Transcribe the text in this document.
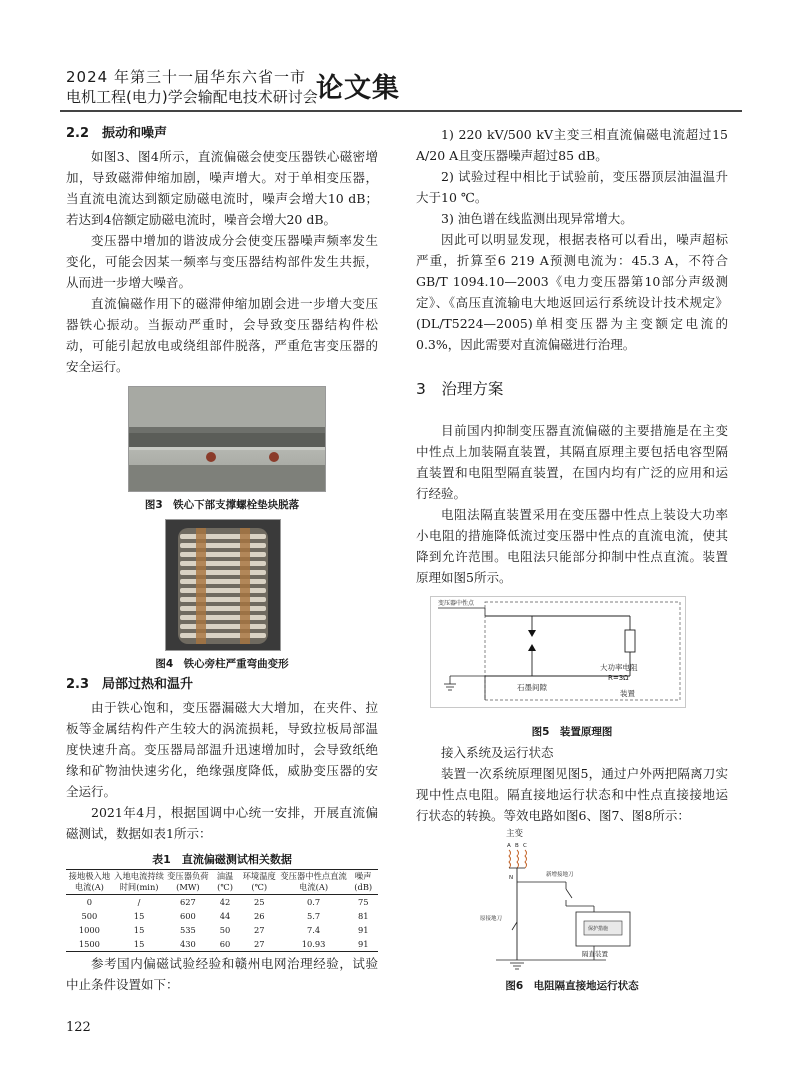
2024 年第三十一届华东六省一市
电机工程(电力)学会输配电技术研讨会
论文集
2.2　振动和噪声

如图3、图4所示，直流偏磁会使变压器铁心磁密增加，导致磁滞伸缩加剧，噪声增大。对于单相变压器，当直流电流达到额定励磁电流时，噪声会增大10 dB；若达到4倍额定励磁电流时，噪音会增大20 dB。

变压器中增加的谐波成分会使变压器噪声频率发生变化，可能会因某一频率与变压器结构部件发生共振，从而进一步增大噪音。

直流偏磁作用下的磁滞伸缩加剧会进一步增大变压器铁心振动。当振动严重时，会导致变压器结构件松动，可能引起放电或绕组部件脱落，严重危害变压器的安全运行。

图3　铁心下部支撑螺栓垫块脱落
图4　铁心旁柱严重弯曲变形
2.3　局部过热和温升

由于铁心饱和，变压器漏磁大大增加，在夹件、拉板等金属结构件产生较大的涡流损耗，导致拉板局部温度快速升高。变压器局部温升迅速增加时，会导致纸绝缘和矿物油快速劣化，绝缘强度降低，威胁变压器的安全运行。

2021年4月，根据国调中心统一安排，开展直流偏磁测试，数据如表1所示：

表1　直流偏磁测试相关数据
接地极入地电流(A)	入地电流持续时间(min)	变压器负荷(MW)	油温(℃)	环境温度(℃)	变压器中性点直流电流(A)	噪声(dB)
0	/	627	42	25	0.7	75
500	15	600	44	26	5.7	81
1000	15	535	50	27	7.4	91
1500	15	430	60	27	10.93	91

参考国内偏磁试验经验和赣州电网治理经验，试验中止条件设置如下：

1) 220 kV/500 kV主变三相直流偏磁电流超过15 A/20 A且变压器噪声超过85 dB。

2) 试验过程中相比于试验前，变压器顶层油温温升大于10 ℃。

3) 油色谱在线监测出现异常增大。

因此可以明显发现，根据表格可以看出，噪声超标严重，折算至6 219 A预测电流为：45.3 A，不符合GB/T 1094.10—2003《电力变压器第10部分声级测定》、《高压直流输电大地返回运行系统设计技术规定》(DL/T5224—2005)单相变压器为主变额定电流的0.3%，因此需要对直流偏磁进行治理。

3　治理方案

目前国内抑制变压器直流偏磁的主要措施是在主变中性点上加装隔直装置，其隔直原理主要包括电容型隔直装置和电阻型隔直装置，在国内均有广泛的应用和运行经验。

电阻法隔直装置采用在变压器中性点上装设大功率小电阻的措施降低流过变压器中性点的直流电流，使其降到允许范围。电阻法只能部分抑制中性点直流。装置原理如图5所示。

变压器中性点
石墨间隙
大功率电阻
R=3Ω
装置
图5　装置原理图

接入系统及运行状态

装置一次系统原理图见图5，通过户外两把隔离刀实现中性点电阻。隔直接地运行状态和中性点直接接地运行状态的转换。等效电路如图6、图7、图8所示：

主变
A B C
N	新增接地刀
保护措施
隔直装置
原接地刀
图6　电阻隔直接地运行状态
122
